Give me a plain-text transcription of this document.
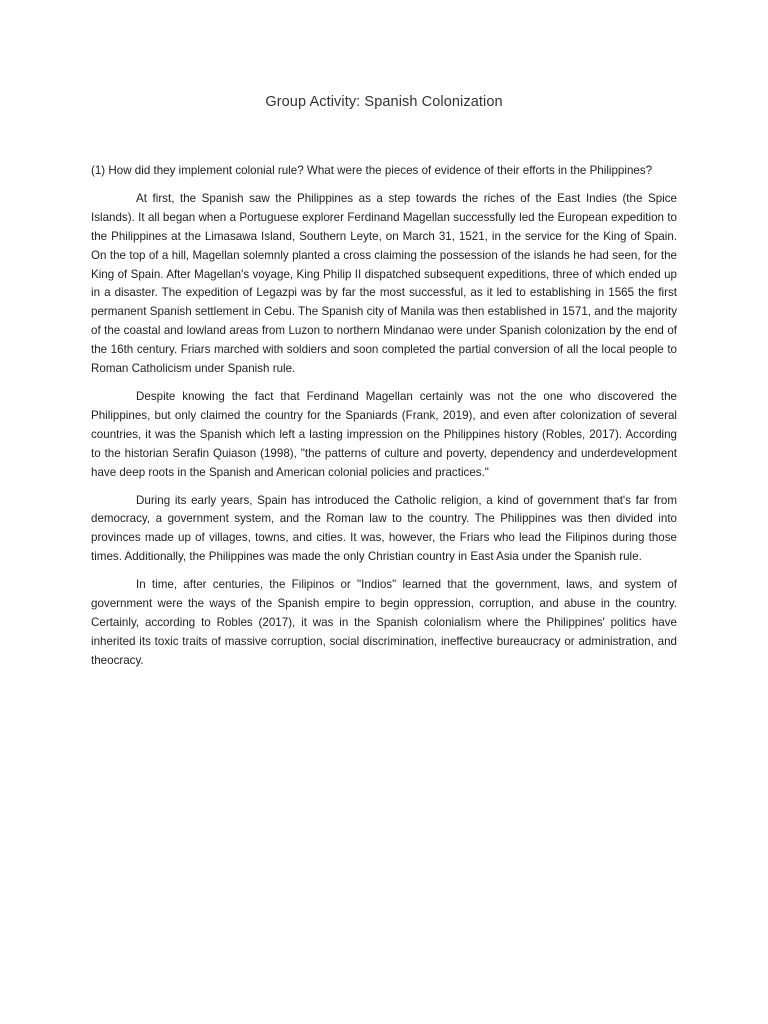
Group Activity: Spanish Colonization

(1) How did they implement colonial rule? What were the pieces of evidence of their efforts in the Philippines?

At first, the Spanish saw the Philippines as a step towards the riches of the East Indies (the Spice Islands). It all began when a Portuguese explorer Ferdinand Magellan successfully led the European expedition to the Philippines at the Limasawa Island, Southern Leyte, on March 31, 1521, in the service for the King of Spain. On the top of a hill, Magellan solemnly planted a cross claiming the possession of the islands he had seen, for the King of Spain. After Magellan's voyage, King Philip II dispatched subsequent expeditions, three of which ended up in a disaster. The expedition of Legazpi was by far the most successful, as it led to establishing in 1565 the first permanent Spanish settlement in Cebu. The Spanish city of Manila was then established in 1571, and the majority of the coastal and lowland areas from Luzon to northern Mindanao were under Spanish colonization by the end of the 16th century. Friars marched with soldiers and soon completed the partial conversion of all the local people to Roman Catholicism under Spanish rule.

Despite knowing the fact that Ferdinand Magellan certainly was not the one who discovered the Philippines, but only claimed the country for the Spaniards (Frank, 2019), and even after colonization of several countries, it was the Spanish which left a lasting impression on the Philippines history (Robles, 2017). According to the historian Serafin Quiason (1998), "the patterns of culture and poverty, dependency and underdevelopment have deep roots in the Spanish and American colonial policies and practices."

During its early years, Spain has introduced the Catholic religion, a kind of government that's far from democracy, a government system, and the Roman law to the country. The Philippines was then divided into provinces made up of villages, towns, and cities. It was, however, the Friars who lead the Filipinos during those times. Additionally, the Philippines was made the only Christian country in East Asia under the Spanish rule.

In time, after centuries, the Filipinos or "Indios" learned that the government, laws, and system of government were the ways of the Spanish empire to begin oppression, corruption, and abuse in the country. Certainly, according to Robles (2017), it was in the Spanish colonialism where the Philippines' politics have inherited its toxic traits of massive corruption, social discrimination, ineffective bureaucracy or administration, and theocracy.
